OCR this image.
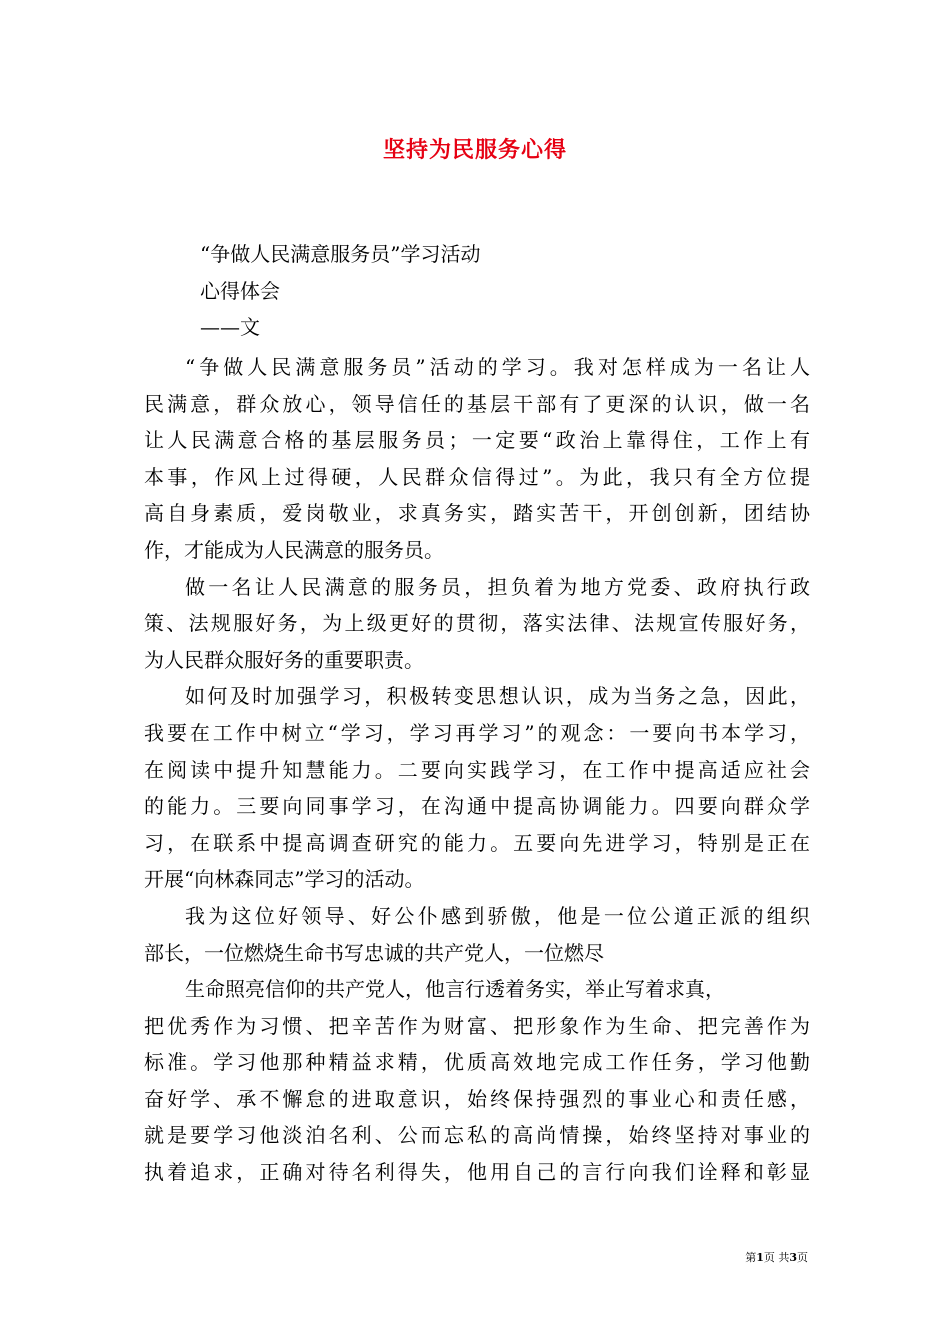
坚持为民服务心得
“争做人民满意服务员”学习活动
心得体会
——文
“争做人民满意服务员”活动的学习。我对怎样成为一名让人
民满意，群众放心，领导信任的基层干部有了更深的认识，做一名
让人民满意合格的基层服务员；一定要“政治上靠得住，工作上有
本事，作风上过得硬，人民群众信得过”。为此，我只有全方位提
高自身素质，爱岗敬业，求真务实，踏实苦干，开创创新，团结协
作，才能成为人民满意的服务员。
做一名让人民满意的服务员，担负着为地方党委、政府执行政
策、法规服好务，为上级更好的贯彻，落实法律、法规宣传服好务，
为人民群众服好务的重要职责。
如何及时加强学习，积极转变思想认识，成为当务之急，因此，
我要在工作中树立“学习，学习再学习”的观念：一要向书本学习，
在阅读中提升知慧能力。二要向实践学习，在工作中提高适应社会
的能力。三要向同事学习，在沟通中提高协调能力。四要向群众学
习，在联系中提高调查研究的能力。五要向先进学习，特别是正在
开展“向林森同志”学习的活动。
我为这位好领导、好公仆感到骄傲，他是一位公道正派的组织
部长，一位燃烧生命书写忠诚的共产党人，一位燃尽
生命照亮信仰的共产党人，他言行透着务实，举止写着求真，
把优秀作为习惯、把辛苦作为财富、把形象作为生命、把完善作为
标准。学习他那种精益求精，优质高效地完成工作任务，学习他勤
奋好学、承不懈怠的进取意识，始终保持强烈的事业心和责任感，
就是要学习他淡泊名利、公而忘私的高尚情操，始终坚持对事业的
执着追求，正确对待名利得失，他用自己的言行向我们诠释和彰显
第1页 共3页
